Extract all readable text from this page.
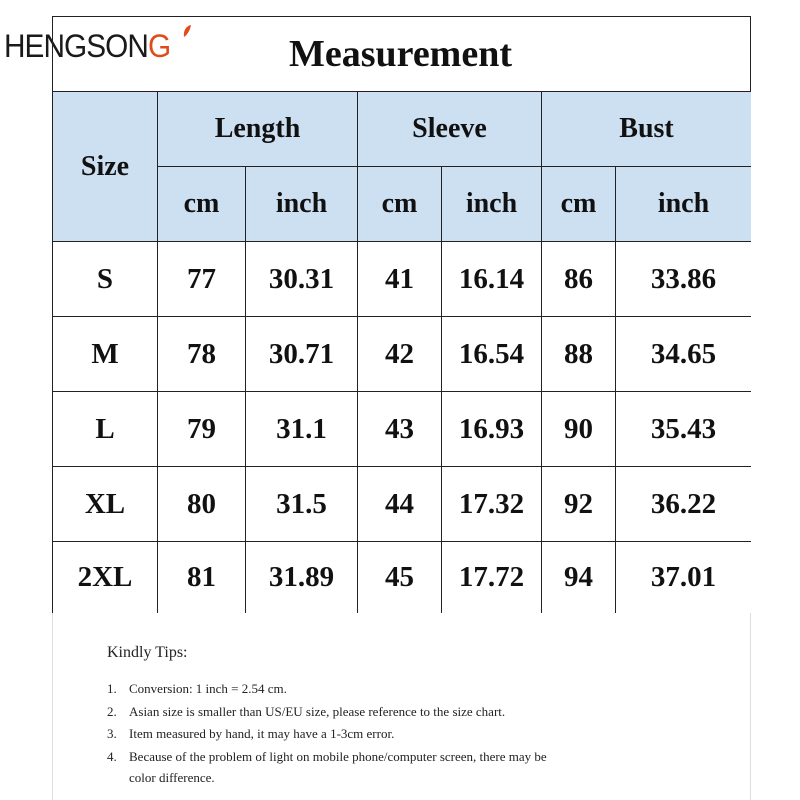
HENGSONG	Measurement
Size
Length	Sleeve	Bust
cm inch cm inch cm inch
S	77 30.31 41 16.14 86 33.86
M 78 30.71 42 16.54 88 34.65
L 79 31.1 43 16.93 90 35.43
XL 80 31.5 44 17.32 92 36.22
2XL 81 31.89 45 17.72 94 37.01
Kindly Tips:
1. Conversion: 1 inch = 2.54 cm.
2. Asian size is smaller than US/EU size, please reference to the size chart.
3. Item measured by hand, it may have a 1-3cm error.
4. Because of the problem of light on mobile phone/computer screen, there may be
color difference.
